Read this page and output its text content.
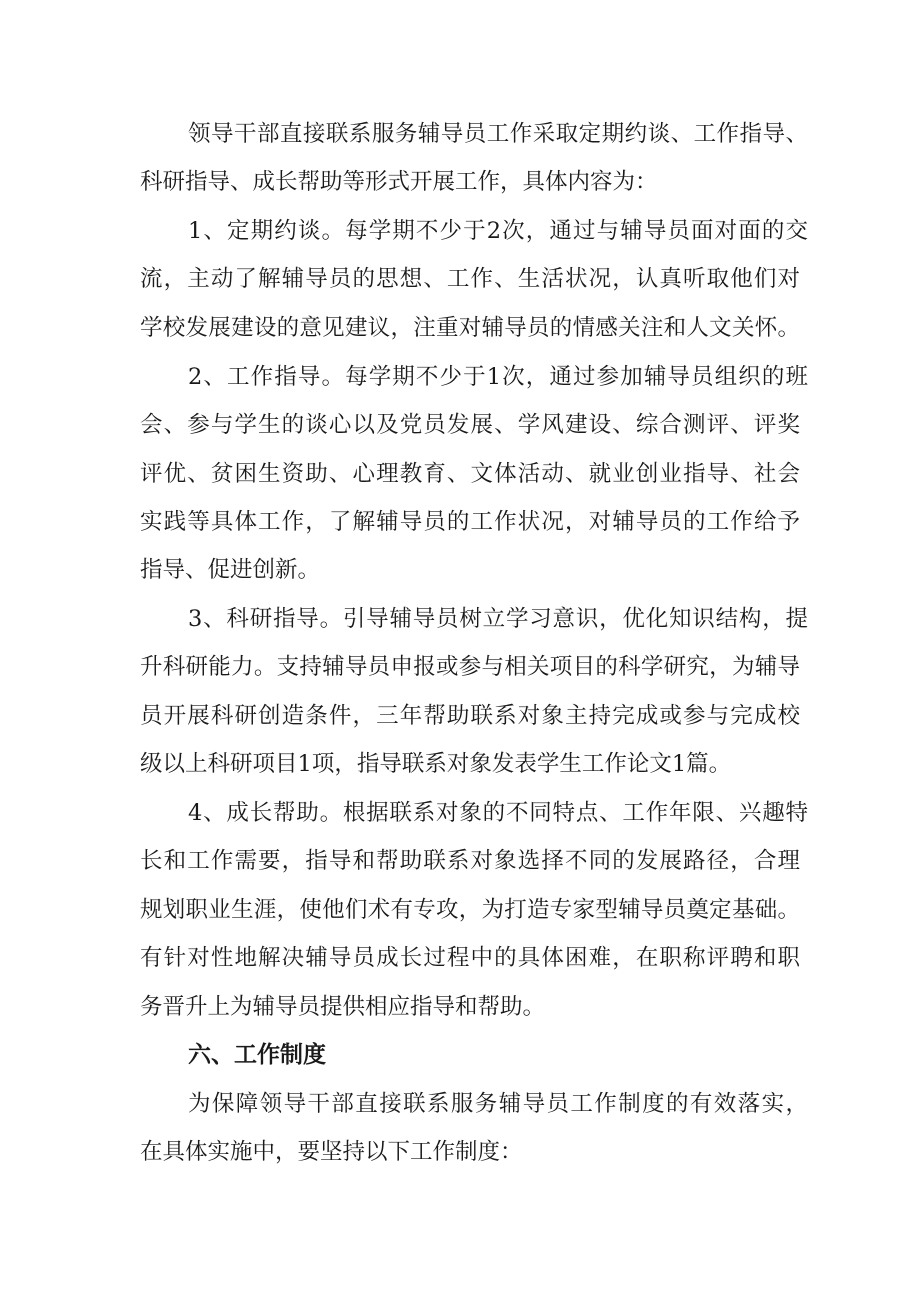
领导干部直接联系服务辅导员工作采取定期约谈、工作指导、
科研指导、成长帮助等形式开展工作，具体内容为：
1、定期约谈。每学期不少于2次，通过与辅导员面对面的交
流，主动了解辅导员的思想、工作、生活状况，认真听取他们对
学校发展建设的意见建议，注重对辅导员的情感关注和人文关怀。
2、工作指导。每学期不少于1次，通过参加辅导员组织的班
会、参与学生的谈心以及党员发展、学风建设、综合测评、评奖
评优、贫困生资助、心理教育、文体活动、就业创业指导、社会
实践等具体工作，了解辅导员的工作状况，对辅导员的工作给予
指导、促进创新。
3、科研指导。引导辅导员树立学习意识，优化知识结构，提
升科研能力。支持辅导员申报或参与相关项目的科学研究，为辅导
员开展科研创造条件，三年帮助联系对象主持完成或参与完成校
级以上科研项目1项，指导联系对象发表学生工作论文1篇。
4、成长帮助。根据联系对象的不同特点、工作年限、兴趣特
长和工作需要，指导和帮助联系对象选择不同的发展路径，合理
规划职业生涯，使他们术有专攻，为打造专家型辅导员奠定基础。
有针对性地解决辅导员成长过程中的具体困难，在职称评聘和职
务晋升上为辅导员提供相应指导和帮助。
六、工作制度
为保障领导干部直接联系服务辅导员工作制度的有效落实，
在具体实施中，要坚持以下工作制度：
